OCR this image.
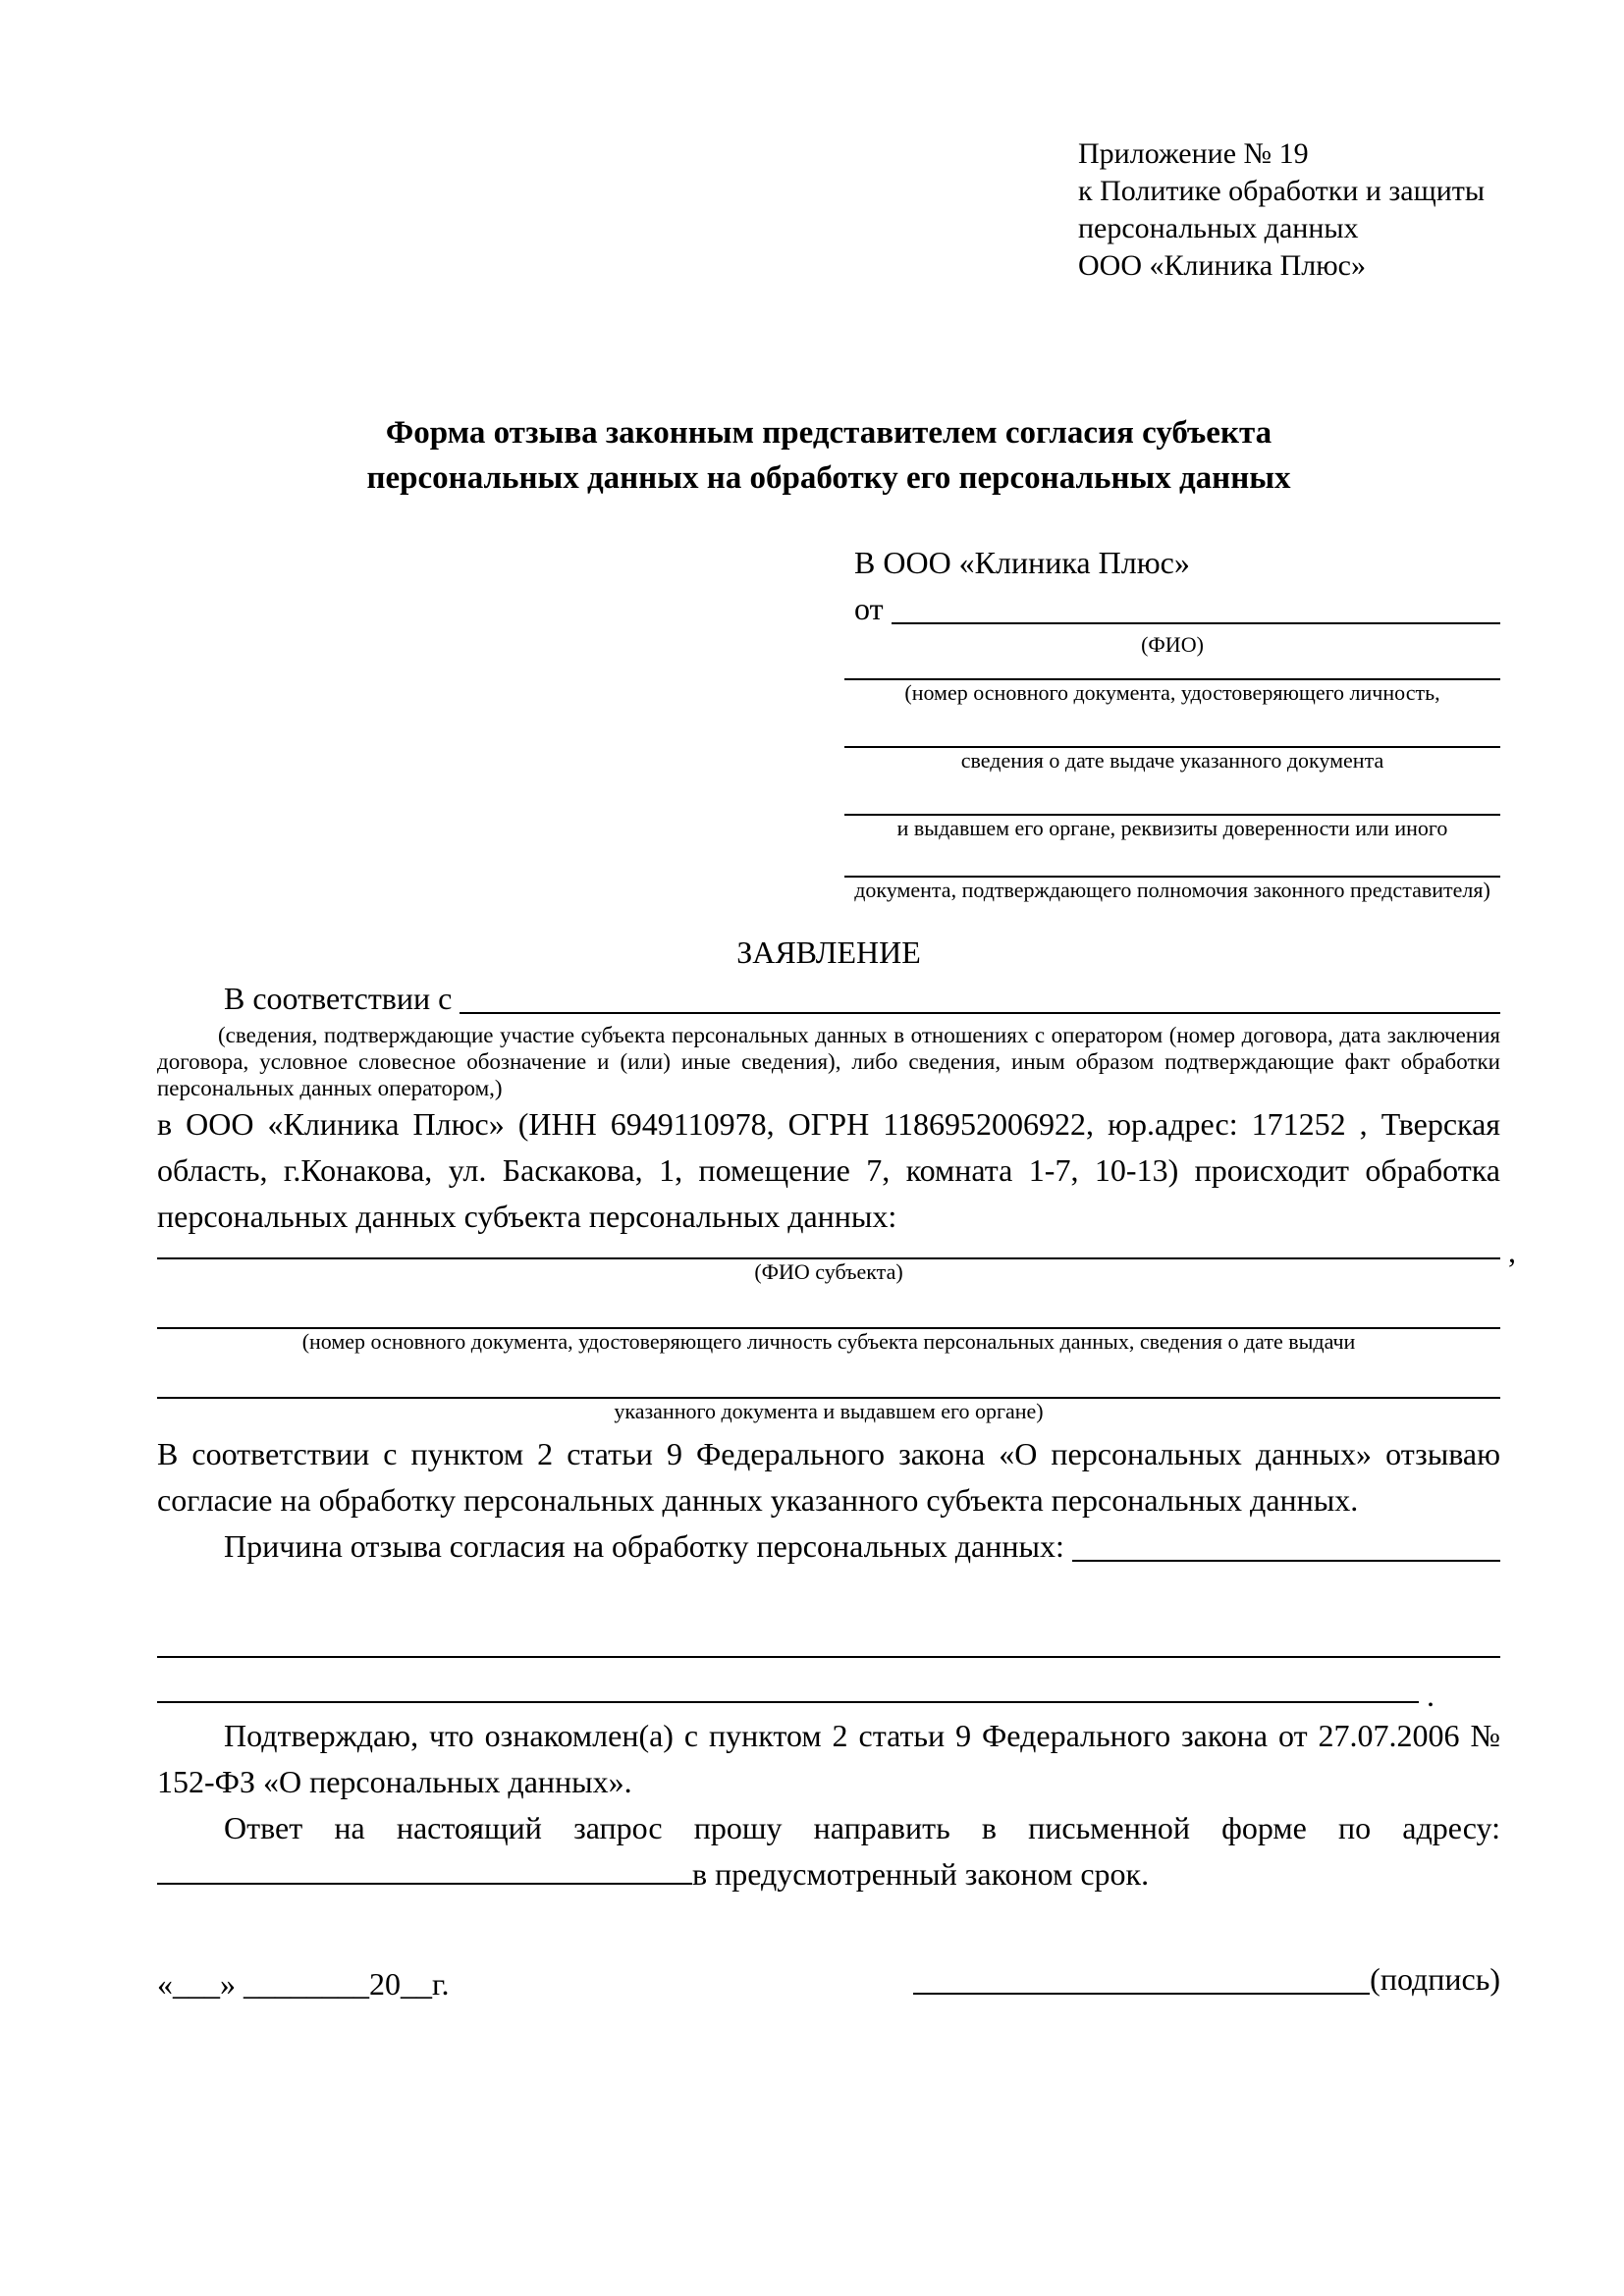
Приложение № 19
к Политике обработки и защиты
персональных данных
ООО «Клиника Плюс»
Форма отзыва законным представителем согласия субъекта
персональных данных на обработку его персональных данных
В ООО «Клиника Плюс»
от
(ФИО)
(номер основного документа, удостоверяющего личность,
сведения о дате выдаче указанного документа
и выдавшем его органе, реквизиты доверенности или иного
документа, подтверждающего полномочия законного представителя)
ЗАЯВЛЕНИЕ
В соответствии с
(сведения, подтверждающие участие субъекта персональных данных в отношениях с оператором (номер договора, дата заключения договора, условное словесное обозначение и (или) иные сведения), либо сведения, иным образом подтверждающие факт обработки персональных данных оператором,)

в ООО «Клиника Плюс» (ИНН 6949110978, ОГРН 1186952006922, юр.адрес: 171252 , Тверская область, г.Конакова, ул. Баскакова, 1, помещение 7, комната 1-7, 10-13) происходит обработка персональных данных субъекта персональных данных:

,
(ФИО субъекта)
(номер основного документа, удостоверяющего личность субъекта персональных данных, сведения о дате выдачи
указанного документа и выдавшем его органе)

В соответствии с пунктом 2 статьи 9 Федерального закона «О персональных данных» отзываю согласие на обработку персональных данных указанного субъекта персональных данных.

Причина отзыва согласия на обработку персональных данных:
.

Подтверждаю, что ознакомлен(а) с пунктом 2 статьи 9 Федерального закона от 27.07.2006 № 152-ФЗ «О персональных данных».

Ответ на настоящий запрос прошу направить в письменной форме по адресу: в предусмотренный законом срок.

«___» ________20__г.	(подпись)
